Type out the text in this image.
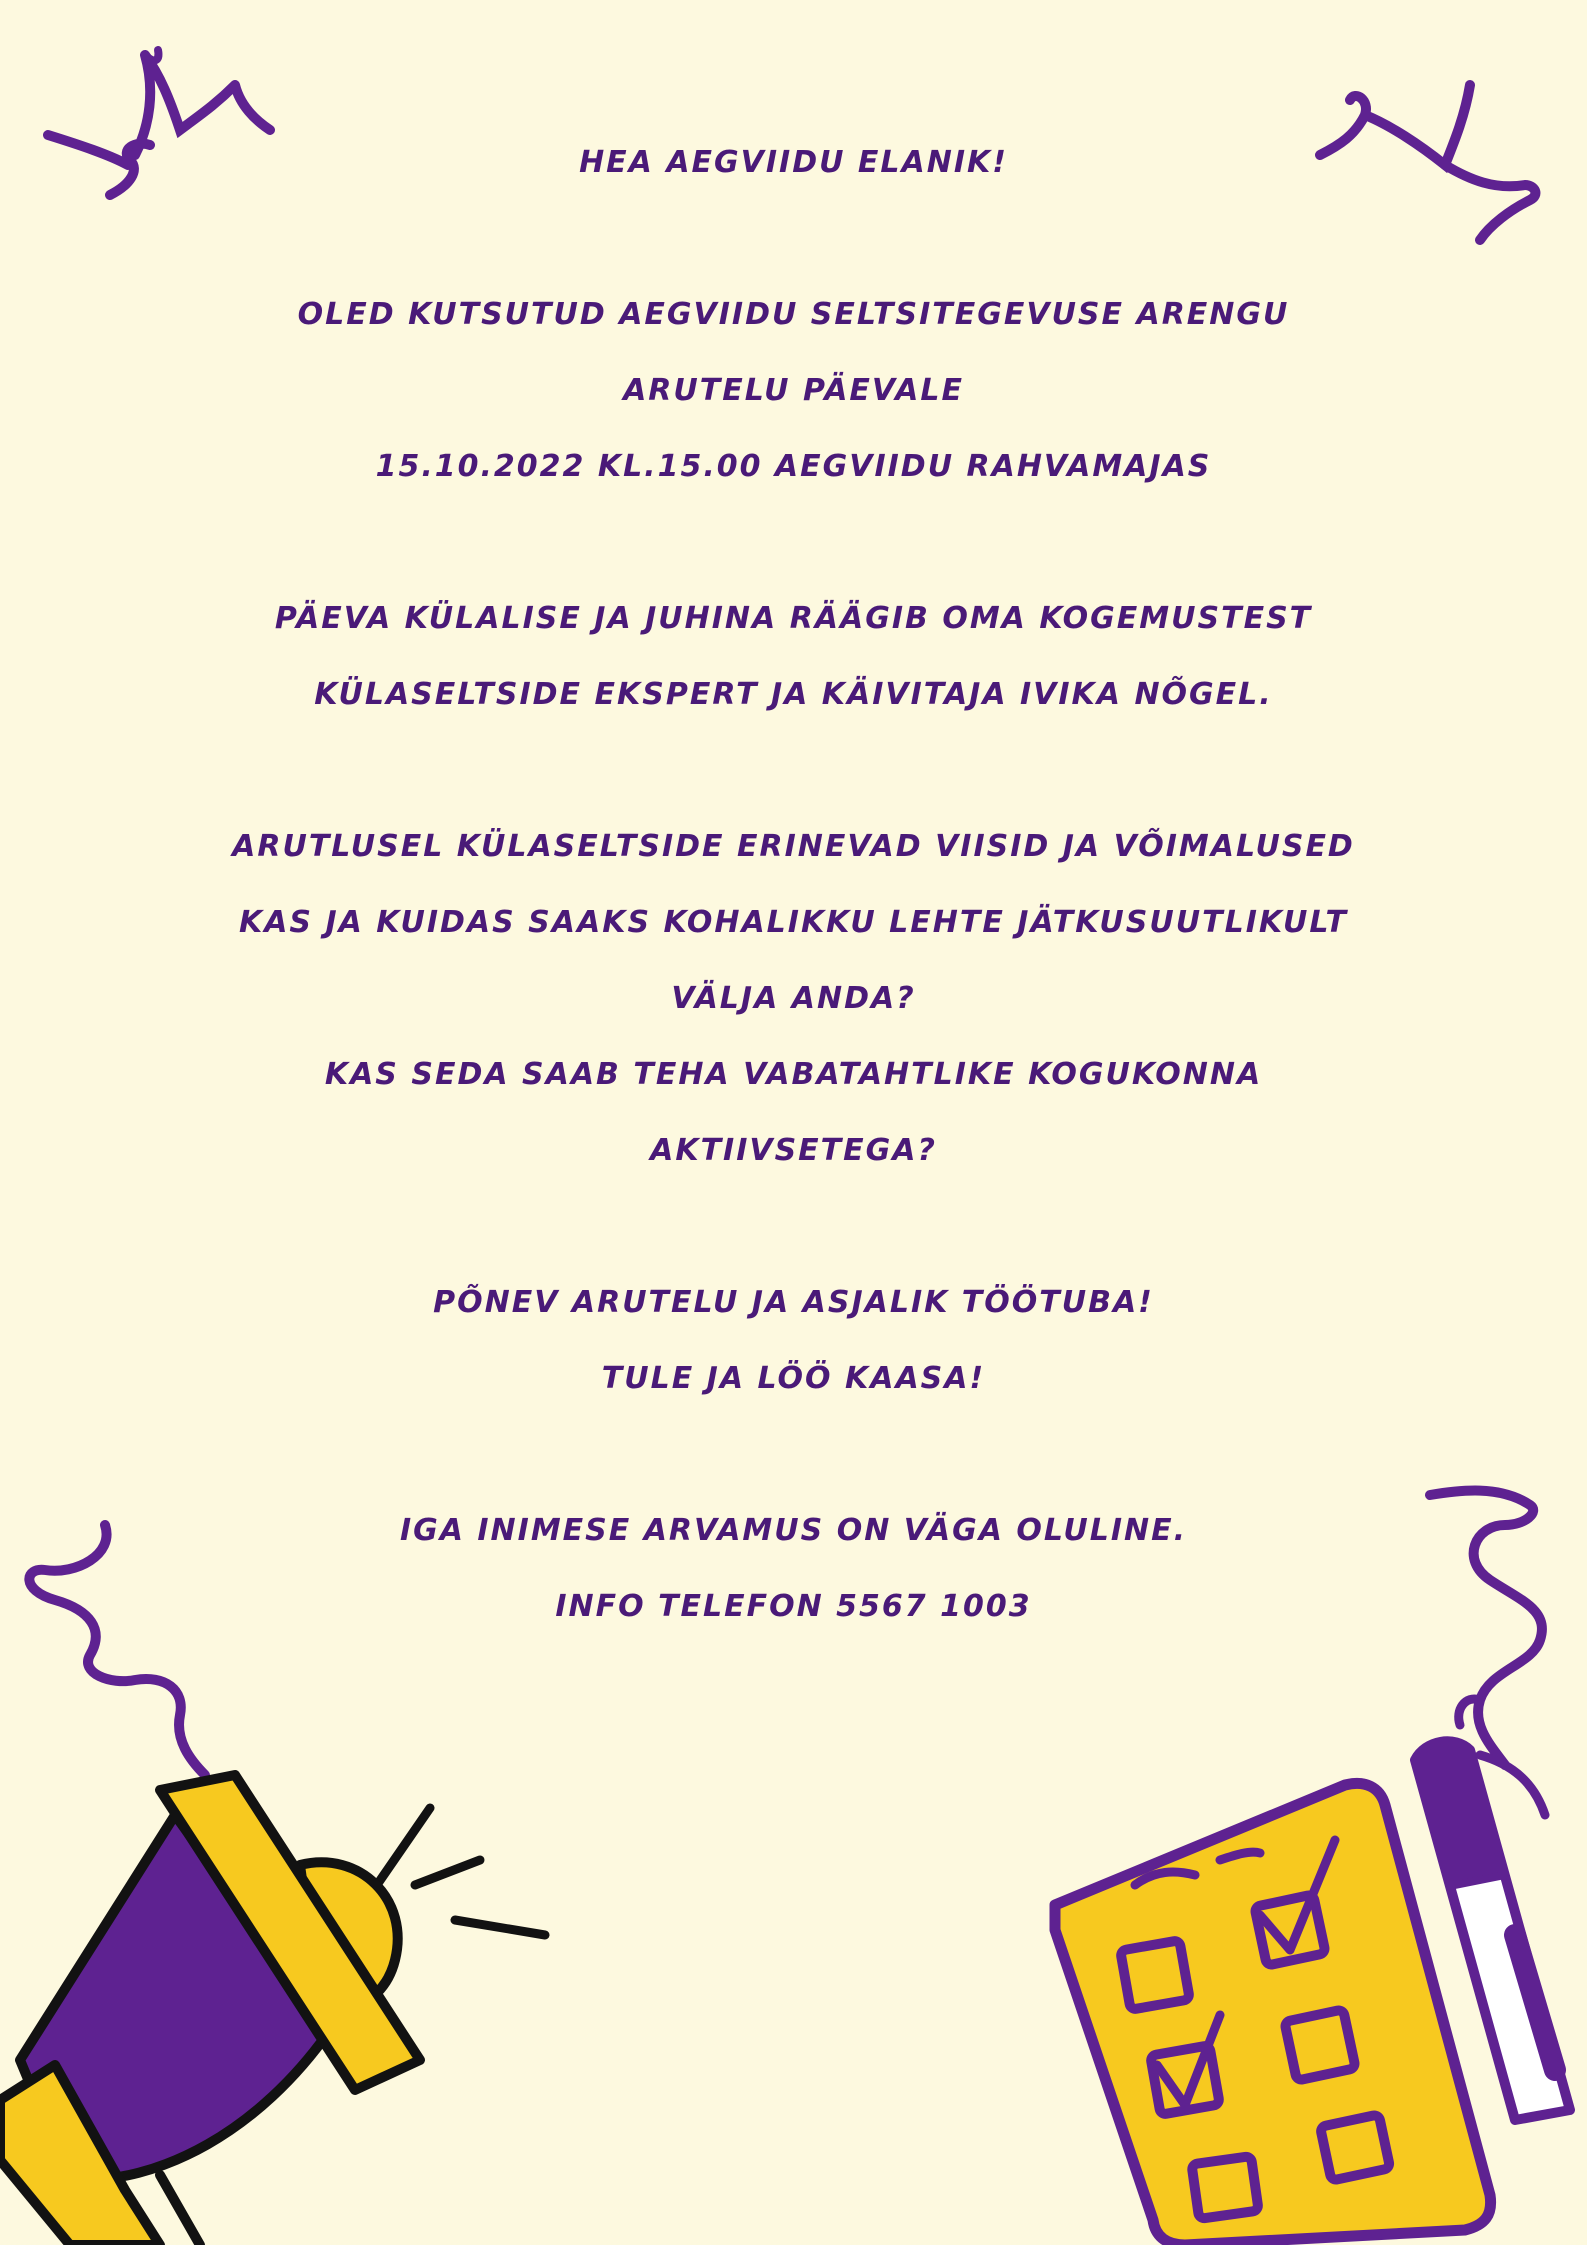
HEA AEGVIIDU ELANIK!
OLED KUTSUTUD AEGVIIDU SELTSITEGEVUSE ARENGU
ARUTELU PÄEVALE
15.10.2022 KL.15.00 AEGVIIDU RAHVAMAJAS
PÄEVA KÜLALISE JA JUHINA RÄÄGIB OMA KOGEMUSTEST
KÜLASELTSIDE EKSPERT JA KÄIVITAJA IVIKA NÕGEL.
ARUTLUSEL KÜLASELTSIDE ERINEVAD VIISID JA VÕIMALUSED
KAS JA KUIDAS SAAKS KOHALIKKU LEHTE JÄTKUSUUTLIKULT
VÄLJA ANDA?
KAS SEDA SAAB TEHA VABATAHTLIKE KOGUKONNA
AKTIIVSETEGA?
PÕNEV ARUTELU JA ASJALIK TÖÖTUBA!
TULE JA LÖÖ KAASA!
IGA INIMESE ARVAMUS ON VÄGA OLULINE.
INFO TELEFON 5567 1003
